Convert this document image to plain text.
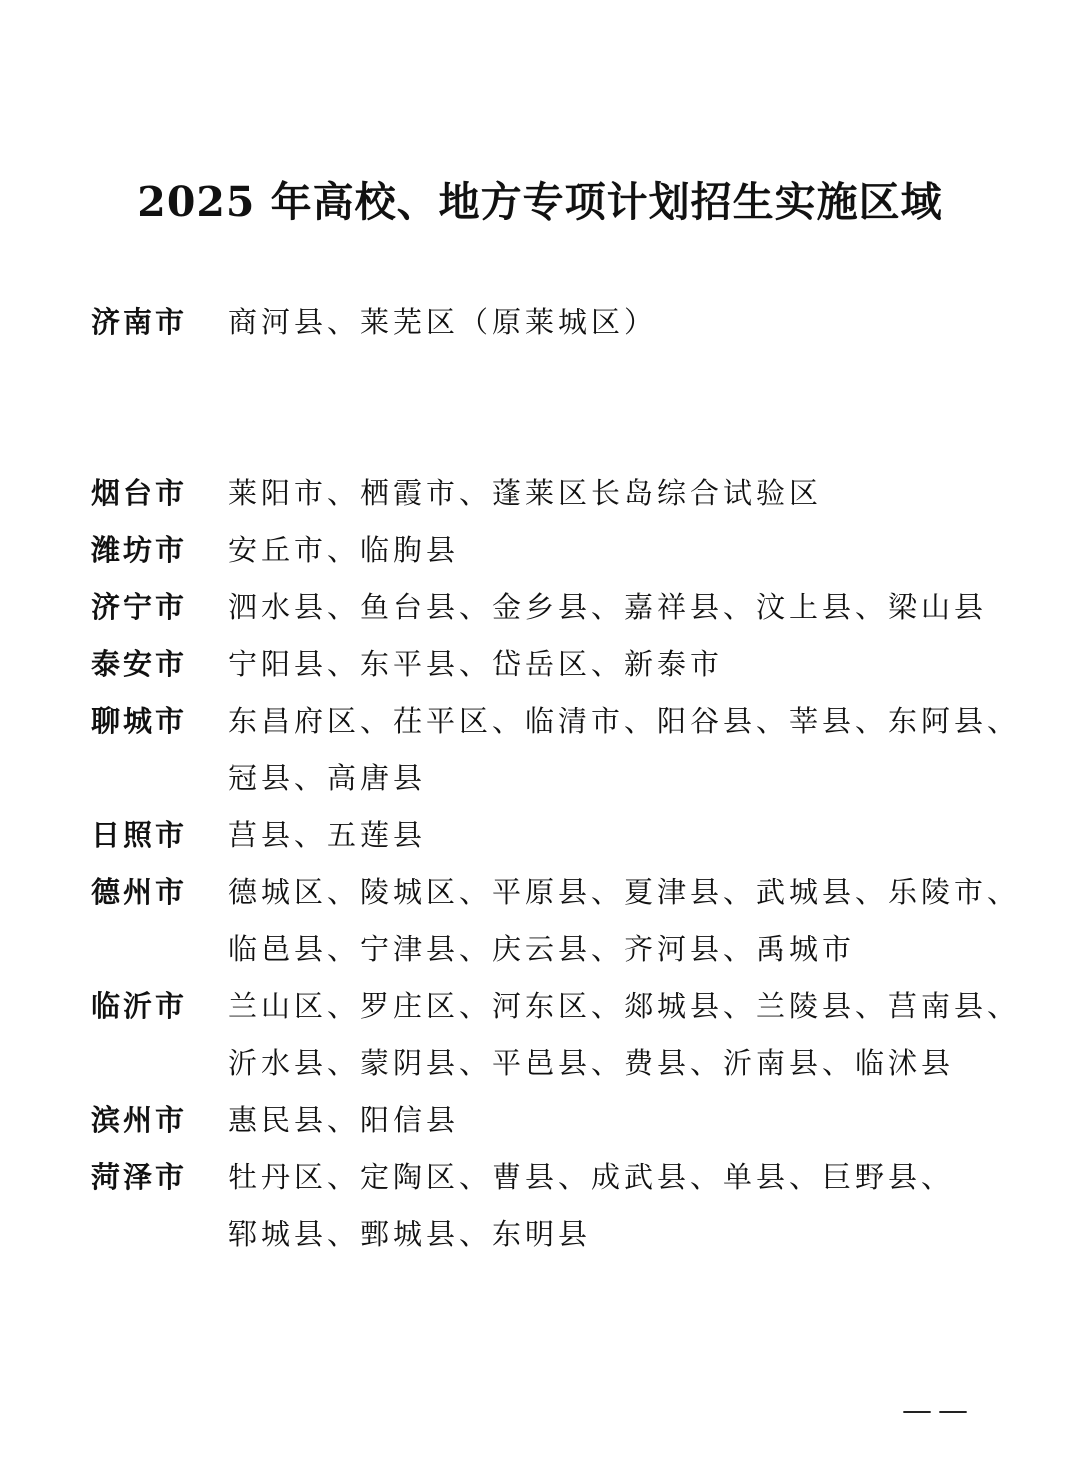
2025 年高校、地方专项计划招生实施区域
济南市	商河县、莱芜区（原莱城区）
烟台市	莱阳市、栖霞市、蓬莱区长岛综合试验区
潍坊市	安丘市、临朐县
济宁市	泗水县、鱼台县、金乡县、嘉祥县、汶上县、梁山县
泰安市	宁阳县、东平县、岱岳区、新泰市
聊城市	东昌府区、茌平区、临清市、阳谷县、莘县、东阿县、
冠县、高唐县
日照市	莒县、五莲县
德州市	德城区、陵城区、平原县、夏津县、武城县、乐陵市、
临邑县、宁津县、庆云县、齐河县、禹城市
临沂市	兰山区、罗庄区、河东区、郯城县、兰陵县、莒南县、
沂水县、蒙阴县、平邑县、费县、沂南县、临沭县
滨州市	惠民县、阳信县
菏泽市	牡丹区、定陶区、曹县、成武县、单县、巨野县、
郓城县、鄄城县、东明县
——
